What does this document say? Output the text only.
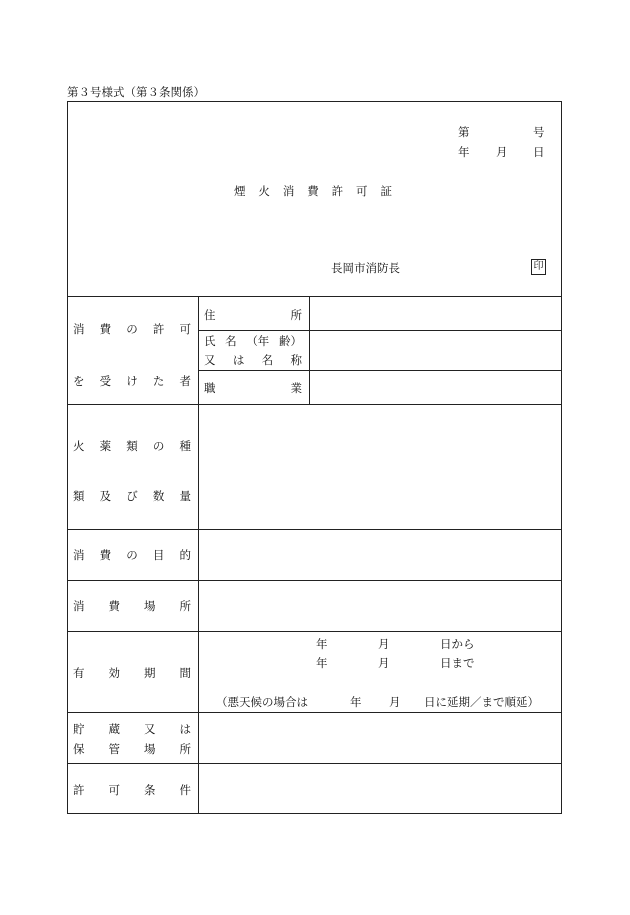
第３号様式（第３条関係）
第	号
年 月 日
煙 火 消 費 許 可 証
長岡市消防長	印
消 費 の 許 可
を 受 け た 者
住	所
氏 名 （年 齢）
又 は 名 称
職	業
火 薬 類 の 種
類 及 び 数 量
消 費 の 目 的
消 費 場 所
有 効 期 間
年	月	日から
年	月	日まで
（悪天候の場合は	年 月 日に延期／まで順延）
貯 蔵 又 は
保 管 場 所
許 可 条 件
